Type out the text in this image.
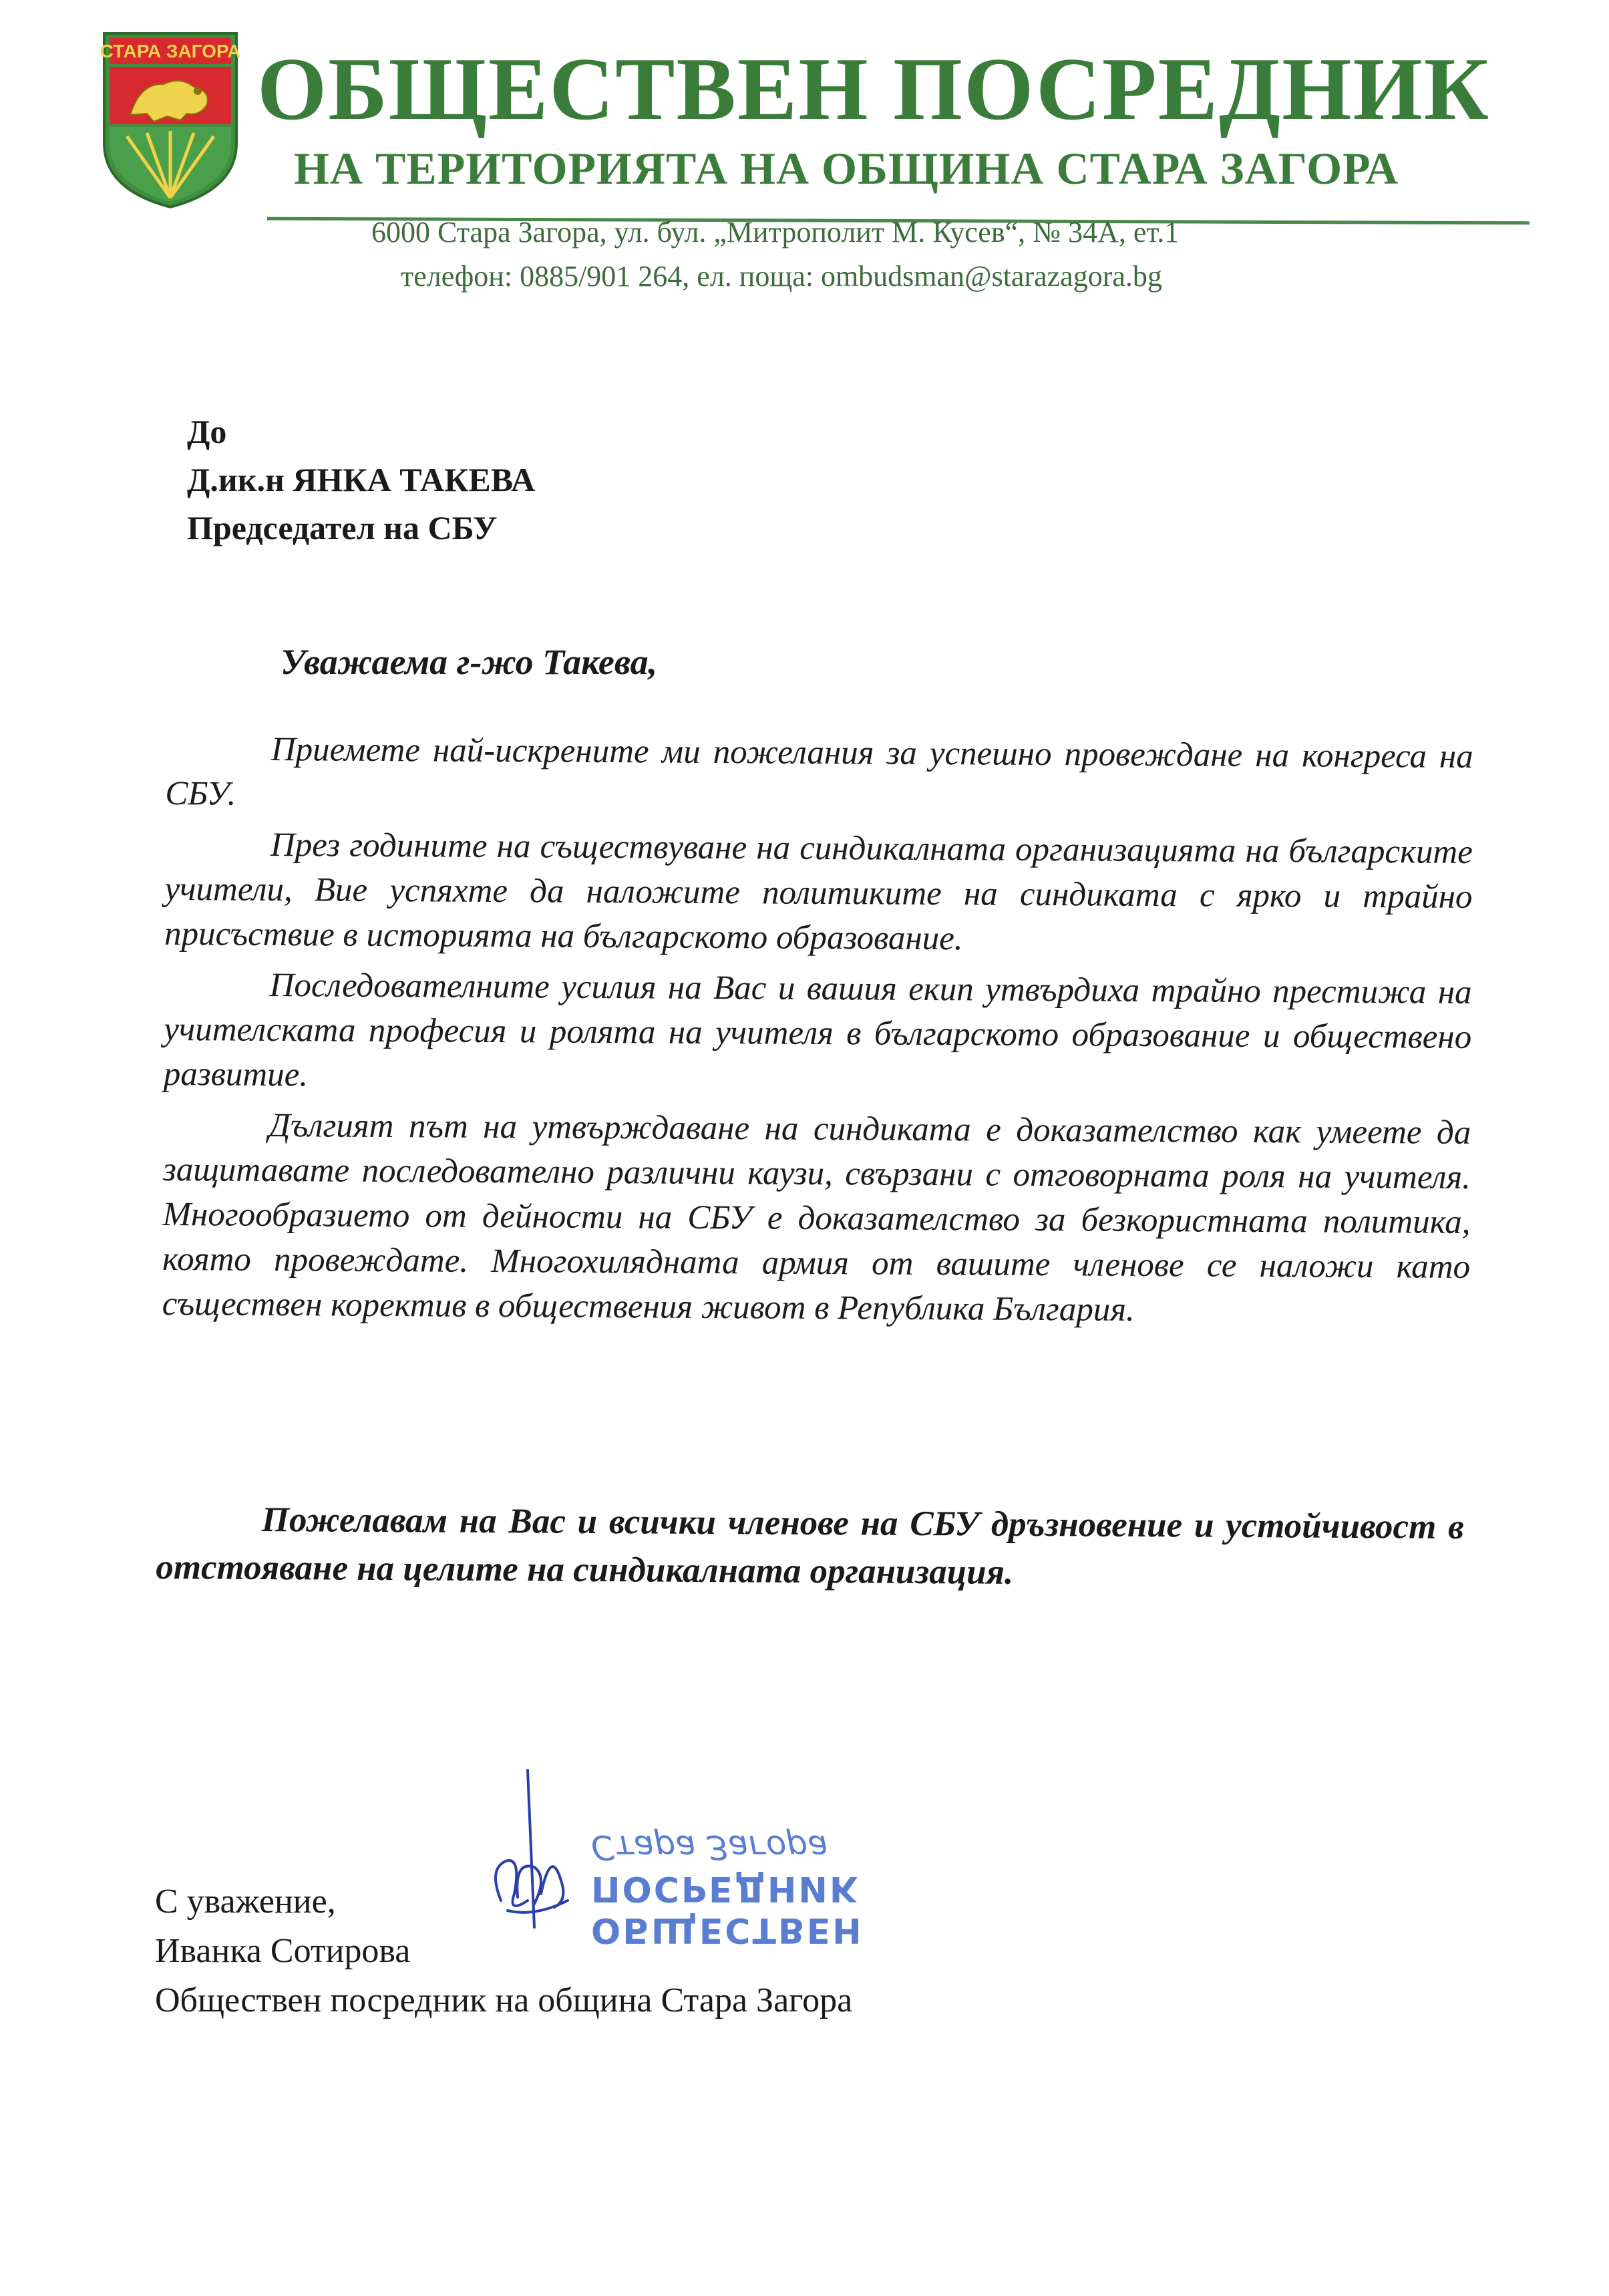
СТАРА ЗАГОРА ОБЩЕСТВЕН ПОСРЕДНИК
НА ТЕРИТОРИЯТА НА ОБЩИНА СТАРА ЗАГОРА
6000 Стара Загора, ул. бул. „Митрополит М. Кусев“, № 34А, ет.1
телефон: 0885/901 264, ел. поща: ombudsman@starazagora.bg
До
Д.ик.н ЯНКА ТАКЕВА
Председател на СБУ
Уважаема г-жо Такева,

Приемете най-искрените ми пожелания за успешно провеждане на конгреса на СБУ.

През годините на съществуване на синдикалната организацията на българските учители, Вие успяхте да наложите политиките на синдиката с ярко и трайно присъствие в историята на българското образование.

Последователните усилия на Вас и вашия екип утвърдиха трайно престижа на учителската професия и ролята на учителя в българското образование и обществено развитие.

Дългият път на утвърждаване на синдиката е доказателство как умеете да защитавате последователно различни каузи, свързани с отговорната роля на учителя. Многообразието от дейности на СБУ е доказателство за безкористната политика, която провеждате. Многохилядната армия от вашите членове се наложи като съществен коректив в обществения живот в Република България.

Пожелавам на Вас и всички членове на СБУ дръзновение и устойчивост в отстояване на целите на синдикалната организация.
ОБЩЕСТВЕН
ПОСРЕДНИК
Стара Загора
С уважение,
Иванка Сотирова
Обществен посредник на община Стара Загора
